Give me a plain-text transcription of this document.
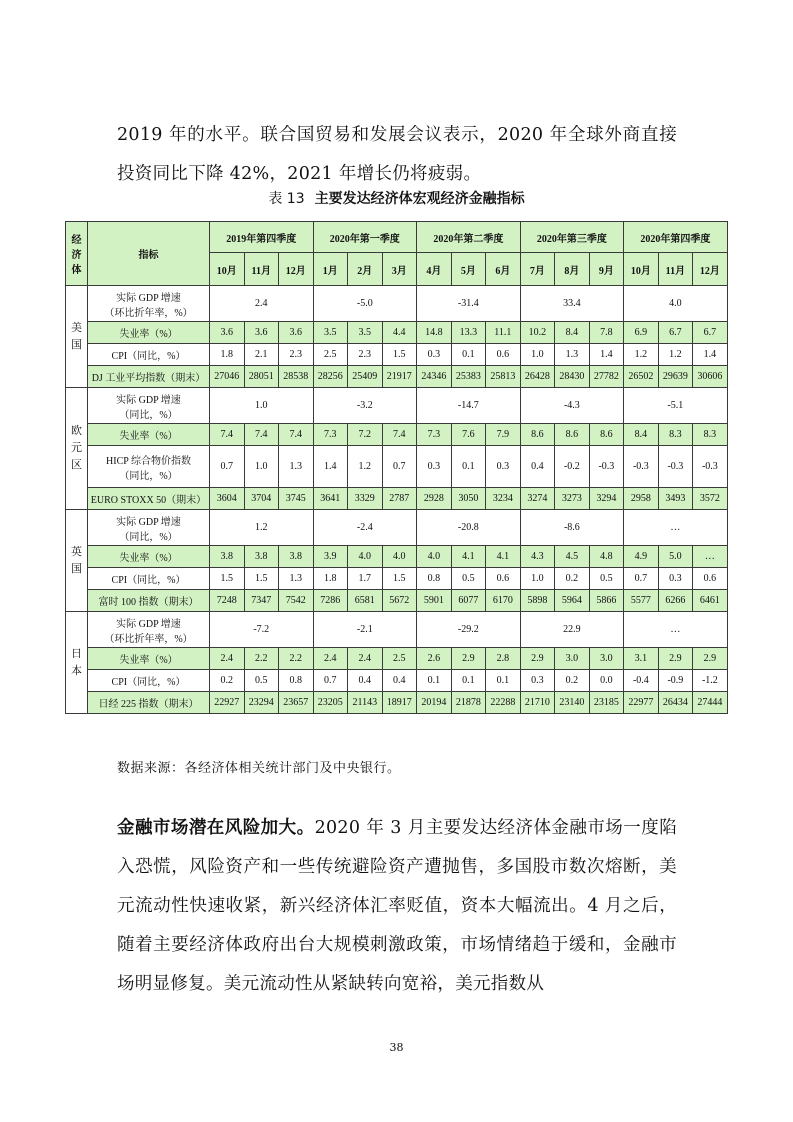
2019 年的水平。联合国贸易和发展会议表示，2020 年全球外商直接投资同比下降 42%，2021 年增长仍将疲弱。

表 13 主要发达经济体宏观经济金融指标
经
济
体	指标	2019年第四季度			2020年第一季度			2020年第二季度			2020年第三季度			2020年第四季度		
		10月	11月	12月	1月	2月	3月	4月	5月	6月	7月	8月	9月	10月	11月	12月

美
国	实际 GDP 增速
（环比折年率，%）	2.4			-5.0			-31.4			33.4			4.0		
	失业率（%）	3.6	3.6	3.6	3.5	3.5	4.4	14.8	13.3	11.1	10.2	8.4	7.8	6.9	6.7	6.7
	CPI（同比，%）	1.8	2.1	2.3	2.5	2.3	1.5	0.3	0.1	0.6	1.0	1.3	1.4	1.2	1.2	1.4
	DJ 工业平均指数（期末）	27046	28051	28538	28256	25409	21917	24346	25383	25813	26428	28430	27782	26502	29639	30606

欧
元
区	实际 GDP 增速
（同比，%）	1.0			-3.2			-14.7			-4.3			-5.1		
	失业率（%）	7.4	7.4	7.4	7.3	7.2	7.4	7.3	7.6	7.9	8.6	8.6	8.6	8.4	8.3	8.3

	HICP 综合物价指数
（同比，%）	0.7	1.0	1.3	1.4	1.2	0.7	0.3	0.1	0.3	0.4	-0.2	-0.3	-0.3	-0.3	-0.3
	EURO STOXX 50（期末）	3604	3704	3745	3641	3329	2787	2928	3050	3234	3274	3273	3294	2958	3493	3572

英
国	实际 GDP 增速
（同比，%）	1.2			-2.4			-20.8			-8.6			…		
	失业率（%）	3.8	3.8	3.8	3.9	4.0	4.0	4.0	4.1	4.1	4.3	4.5	4.8	4.9	5.0	…
	CPI（同比，%）	1.5	1.5	1.3	1.8	1.7	1.5	0.8	0.5	0.6	1.0	0.2	0.5	0.7	0.3	0.6
	富时 100 指数（期末）	7248	7347	7542	7286	6581	5672	5901	6077	6170	5898	5964	5866	5577	6266	6461

日
本	实际 GDP 增速
（环比折年率，%）	-7.2			-2.1			-29.2			22.9			…		
	失业率（%）	2.4	2.2	2.2	2.4	2.4	2.5	2.6	2.9	2.8	2.9	3.0	3.0	3.1	2.9	2.9
	CPI（同比，%）	0.2	0.5	0.8	0.7	0.4	0.4	0.1	0.1	0.1	0.3	0.2	0.0	-0.4	-0.9	-1.2
	日经 225 指数（期末）	22927	23294	23657	23205	21143	18917	20194	21878	22288	21710	23140	23185	22977	26434	27444
数据来源：各经济体相关统计部门及中央银行。

金融市场潜在风险加大。2020 年 3 月主要发达经济体金融市场一度陷入恐慌，风险资产和一些传统避险资产遭抛售，多国股市数次熔断，美元流动性快速收紧，新兴经济体汇率贬值，资本大幅流出。4 月之后，随着主要经济体政府出台大规模刺激政策，市场情绪趋于缓和，金融市场明显修复。美元流动性从紧缺转向宽裕，美元指数从

38
